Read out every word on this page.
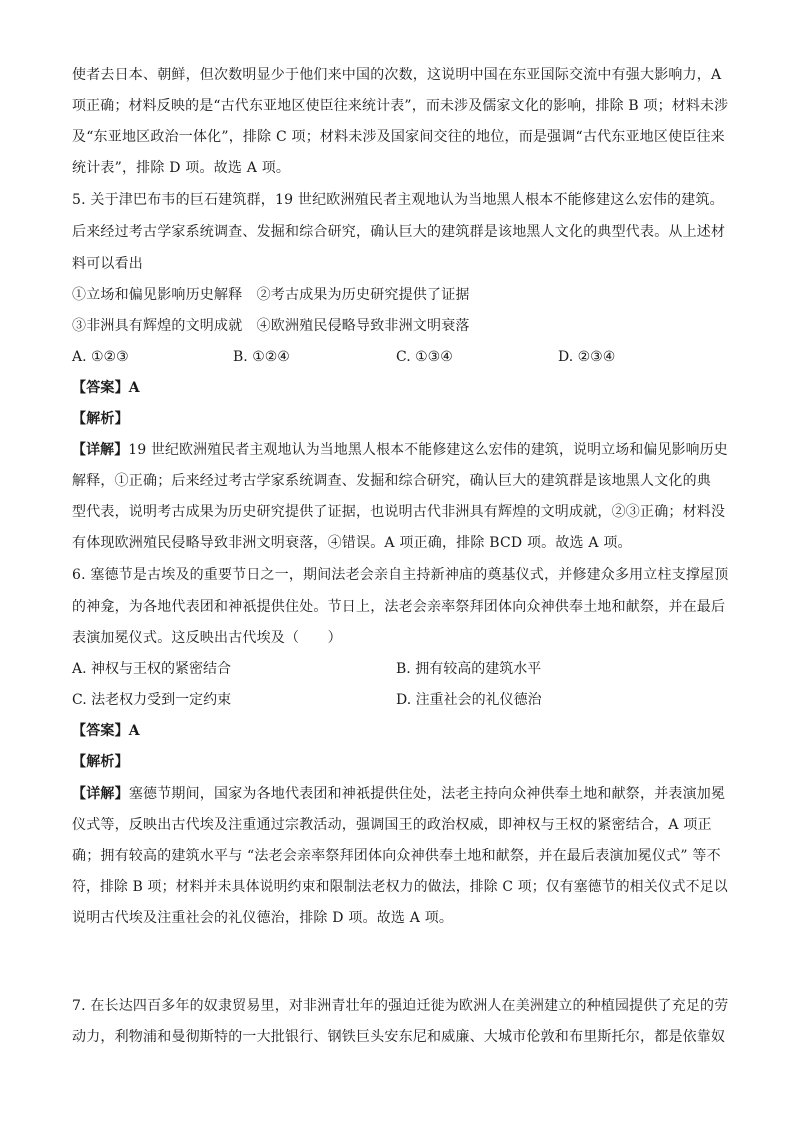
使者去日本、朝鲜，但次数明显少于他们来中国的次数，这说明中国在东亚国际交流中有强大影响力，A
项正确；材料反映的是“古代东亚地区使臣往来统计表”，而未涉及儒家文化的影响，排除 B 项；材料未涉
及“东亚地区政治一体化”，排除 C 项；材料未涉及国家间交往的地位，而是强调“古代东亚地区使臣往来
统计表”，排除 D 项。故选 A 项。
5. 关于津巴布韦的巨石建筑群，19 世纪欧洲殖民者主观地认为当地黑人根本不能修建这么宏伟的建筑。
后来经过考古学家系统调查、发掘和综合研究，确认巨大的建筑群是该地黑人文化的典型代表。从上述材
料可以看出
①立场和偏见影响历史解释　②考古成果为历史研究提供了证据
③非洲具有辉煌的文明成就　④欧洲殖民侵略导致非洲文明衰落
A. ①②③	B. ①②④	C. ①③④	D. ②③④
【答案】A
【解析】
【详解】19 世纪欧洲殖民者主观地认为当地黑人根本不能修建这么宏伟的建筑，说明立场和偏见影响历史
解释，①正确；后来经过考古学家系统调查、发掘和综合研究，确认巨大的建筑群是该地黑人文化的典
型代表，说明考古成果为历史研究提供了证据，也说明古代非洲具有辉煌的文明成就，②③正确；材料没
有体现欧洲殖民侵略导致非洲文明衰落，④错误。A 项正确，排除 BCD 项。故选 A 项。
6. 塞德节是古埃及的重要节日之一，期间法老会亲自主持新神庙的奠基仪式，并修建众多用立柱支撑屋顶
的神龛，为各地代表团和神祇提供住处。节日上，法老会亲率祭拜团体向众神供奉土地和献祭，并在最后
表演加冕仪式。这反映出古代埃及（　　）
A. 神权与王权的紧密结合	B. 拥有较高的建筑水平
C. 法老权力受到一定约束	D. 注重社会的礼仪德治
【答案】A
【解析】
【详解】塞德节期间，国家为各地代表团和神祇提供住处，法老主持向众神供奉土地和献祭，并表演加冕
仪式等，反映出古代埃及注重通过宗教活动，强调国王的政治权威，即神权与王权的紧密结合，A 项正
确；拥有较高的建筑水平与 “法老会亲率祭拜团体向众神供奉土地和献祭，并在最后表演加冕仪式” 等不
符，排除 B 项；材料并未具体说明约束和限制法老权力的做法，排除 C 项；仅有塞德节的相关仪式不足以
说明古代埃及注重社会的礼仪德治，排除 D 项。故选 A 项。
7. 在长达四百多年的奴隶贸易里，对非洲青壮年的强迫迁徙为欧洲人在美洲建立的种植园提供了充足的劳
动力，利物浦和曼彻斯特的一大批银行、钢铁巨头安东尼和威廉、大城市伦敦和布里斯托尔，都是依靠奴
